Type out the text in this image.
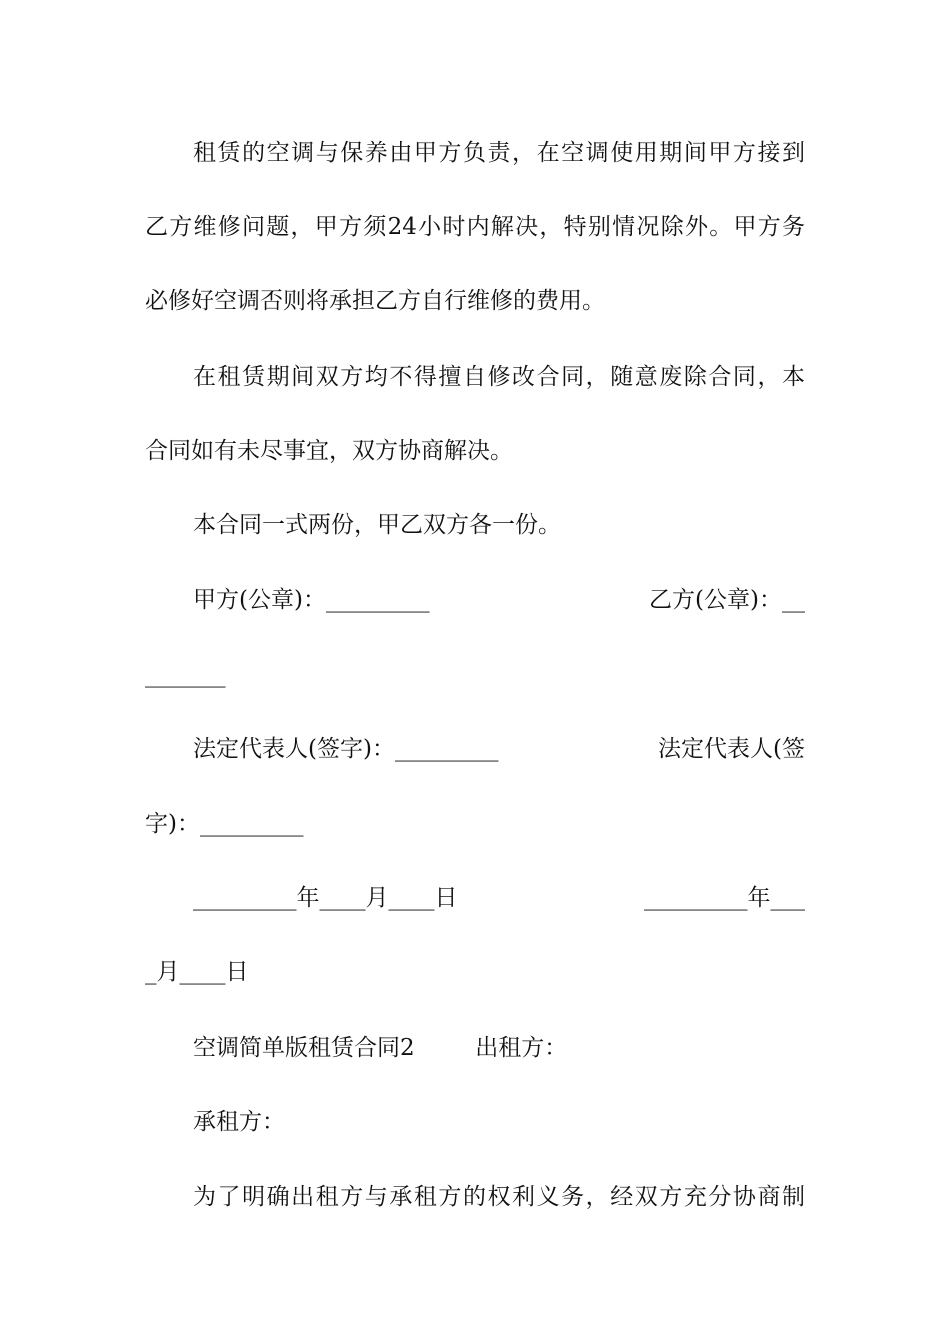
租赁的空调与保养由甲方负责，在空调使用期间甲方接到
乙方维修问题，甲方须24小时内解决，特别情况除外。甲方务
必修好空调否则将承担乙方自行维修的费用。
在租赁期间双方均不得擅自修改合同，随意废除合同，本
合同如有未尽事宜，双方协商解决。
本合同一式两份，甲乙双方各一份。
甲方(公章)：_________	乙方(公章)：__
_______
法定代表人(签字)：_________	法定代表人(签
字)：_________
_________年____月____日	_________年___
_月____日
空调简单版租赁合同2	出租方：
承租方：
为了明确出租方与承租方的权利义务，经双方充分协商制
